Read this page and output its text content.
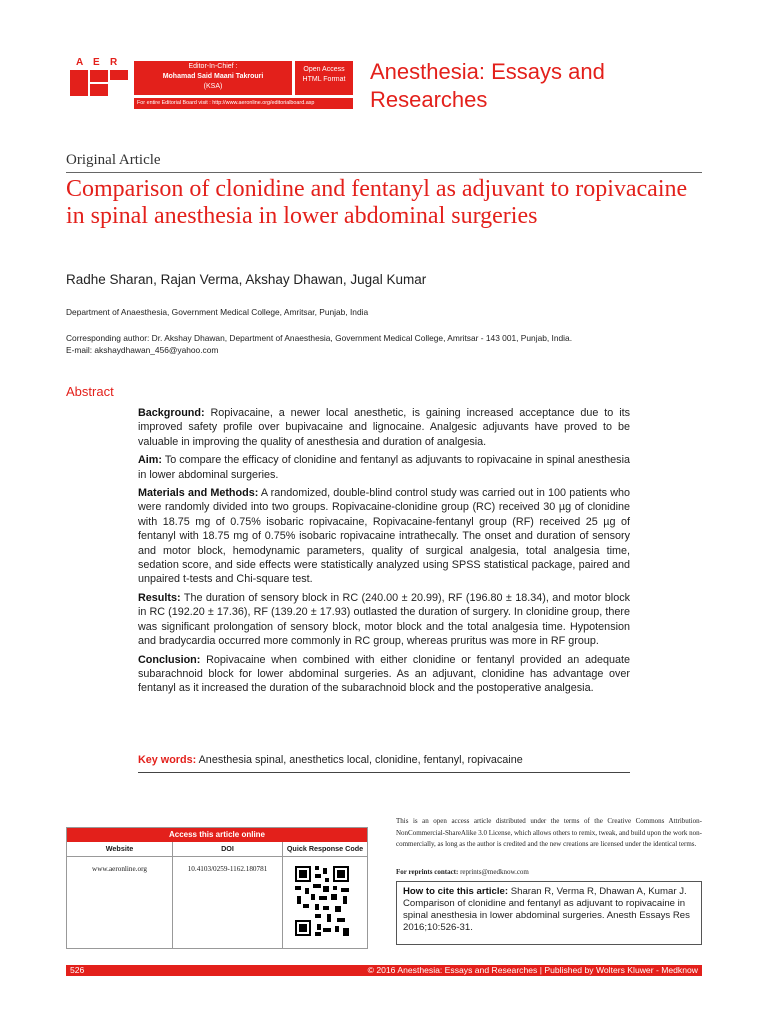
A E R	Editor-In-Chief :
Mohamad Said Maani Takrouri
(KSA)
Open Access
HTML Format
For entire Editorial Board visit : http://www.aeronline.org/editorialboard.asp
Anesthesia: Essays and Researches
Original Article
Comparison of clonidine and fentanyl as adjuvant to ropivacaine in spinal anesthesia in lower abdominal surgeries
Radhe Sharan, Rajan Verma, Akshay Dhawan, Jugal Kumar
Department of Anaesthesia, Government Medical College, Amritsar, Punjab, India
Corresponding author: Dr. Akshay Dhawan, Department of Anaesthesia, Government Medical College, Amritsar - 143 001, Punjab, India.
E-mail: akshaydhawan_456@yahoo.com
Abstract

Background: Ropivacaine, a newer local anesthetic, is gaining increased acceptance due to its improved safety profile over bupivacaine and lignocaine. Analgesic adjuvants have proved to be valuable in improving the quality of anesthesia and duration of analgesia.

Aim: To compare the efficacy of clonidine and fentanyl as adjuvants to ropivacaine in spinal anesthesia in lower abdominal surgeries.

Materials and Methods: A randomized, double-blind control study was carried out in 100 patients who were randomly divided into two groups. Ropivacaine-clonidine group (RC) received 30 µg of clonidine with 18.75 mg of 0.75% isobaric ropivacaine, Ropivacaine-fentanyl group (RF) received 25 µg of fentanyl with 18.75 mg of 0.75% isobaric ropivacaine intrathecally. The onset and duration of sensory and motor block, hemodynamic parameters, quality of surgical analgesia, total analgesia time, sedation score, and side effects were statistically analyzed using SPSS statistical package, paired and unpaired t-tests and Chi-square test.

Results: The duration of sensory block in RC (240.00 ± 20.99), RF (196.80 ± 18.34), and motor block in RC (192.20 ± 17.36), RF (139.20 ± 17.93) outlasted the duration of surgery. In clonidine group, there was significant prolongation of sensory block, motor block and the total analgesia time. Hypotension and bradycardia occurred more commonly in RC group, whereas pruritus was more in RF group.

Conclusion: Ropivacaine when combined with either clonidine or fentanyl provided an adequate subarachnoid block for lower abdominal surgeries. As an adjuvant, clonidine has advantage over fentanyl as it increased the duration of the subarachnoid block and the postoperative analgesia.

Key words: Anesthesia spinal, anesthetics local, clonidine, fentanyl, ropivacaine
Access this article online
Website	DOI	Quick Response Code
www.aeronline.org	10.4103/0259-1162.180781
This is an open access article distributed under the terms of the Creative Commons Attribution-NonCommercial-ShareAlike 3.0 License, which allows others to remix, tweak, and build upon the work non-commercially, as long as the author is credited and the new creations are licensed under the identical terms.
For reprints contact: reprints@medknow.com
How to cite this article: Sharan R, Verma R, Dhawan A, Kumar J. Comparison of clonidine and fentanyl as adjuvant to ropivacaine in spinal anesthesia in lower abdominal surgeries. Anesth Essays Res 2016;10:526-31.
526	© 2016 Anesthesia: Essays and Researches | Published by Wolters Kluwer - Medknow
